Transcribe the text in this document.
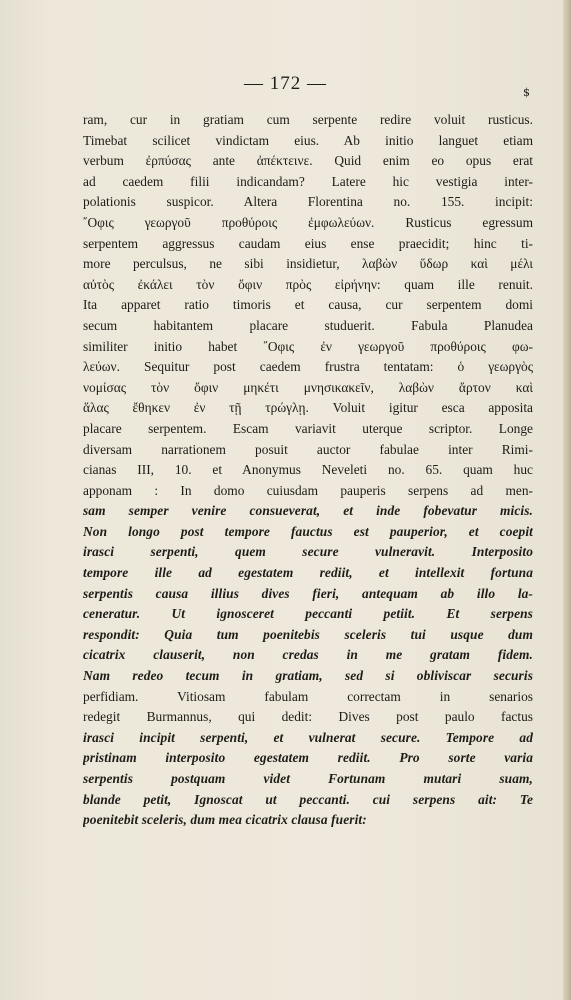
— 172 —	$
ram, cur in gratiam cum serpente redire voluit rusticus.
Timebat scilicet vindictam eius. Ab initio languet etiam
verbum ἐρπύσας ante ἀπέκτεινε. Quid enim eo opus erat
ad caedem filii indicandam? Latere hic vestigia inter-
polationis suspicor. Altera Florentina no. 155. incipit:
῎Οφις γεωργοῦ προθύροις ἐμφωλεύων. Rusticus egressum
serpentem aggressus caudam eius ense praecidit; hinc ti-
more perculsus, ne sibi insidietur, λαβὼν ὕδωρ καὶ μέλι
αὐτὸς ἐκάλει τὸν ὄφιν πρὸς εἰρήνην: quam ille renuit.
Ita apparet ratio timoris et causa, cur serpentem domi
secum habitantem placare studuerit. Fabula Planudea
similiter initio habet ῎Οφις ἐν γεωργοῦ προθύροις φω-
λεύων. Sequitur post caedem frustra tentatam: ὁ γεωργὸς
νομίσας τὸν ὄφιν μηκέτι μνησικακεῖν, λαβὼν ἄρτον καὶ
ἅλας ἔθηκεν ἐν τῇ τρώγλῃ. Voluit igitur esca apposita
placare serpentem. Escam variavit uterque scriptor. Longe
diversam narrationem posuit auctor fabulae inter Rimi-
cianas III, 10. et Anonymus Neveleti no. 65. quam huc
apponam : In domo cuiusdam pauperis serpens ad men-
sam semper venire consueverat, et inde fobevatur micis.
Non longo post tempore fauctus est pauperior, et coepit
irasci serpenti, quem secure vulneravit. Interposito
tempore ille ad egestatem rediit, et intellexit fortuna
serpentis causa illius dives fieri, antequam ab illo la-
ceneratur. Ut ignosceret peccanti petiit. Et serpens
respondit: Quia tum poenitebis sceleris tui usque dum
cicatrix clauserit, non credas in me gratam fidem.
Nam redeo tecum in gratiam, sed si obliviscar securis
perfidiam. Vitiosam fabulam correctam in senarios
redegit Burmannus, qui dedit: Dives post paulo factus
irasci incipit serpenti, et vulnerat secure. Tempore ad
pristinam interposito egestatem rediit. Pro sorte varia
serpentis postquam videt Fortunam mutari suam,
blande petit, Ignoscat ut peccanti. cui serpens ait: Te
poenitebit sceleris, dum mea cicatrix clausa fuerit:
